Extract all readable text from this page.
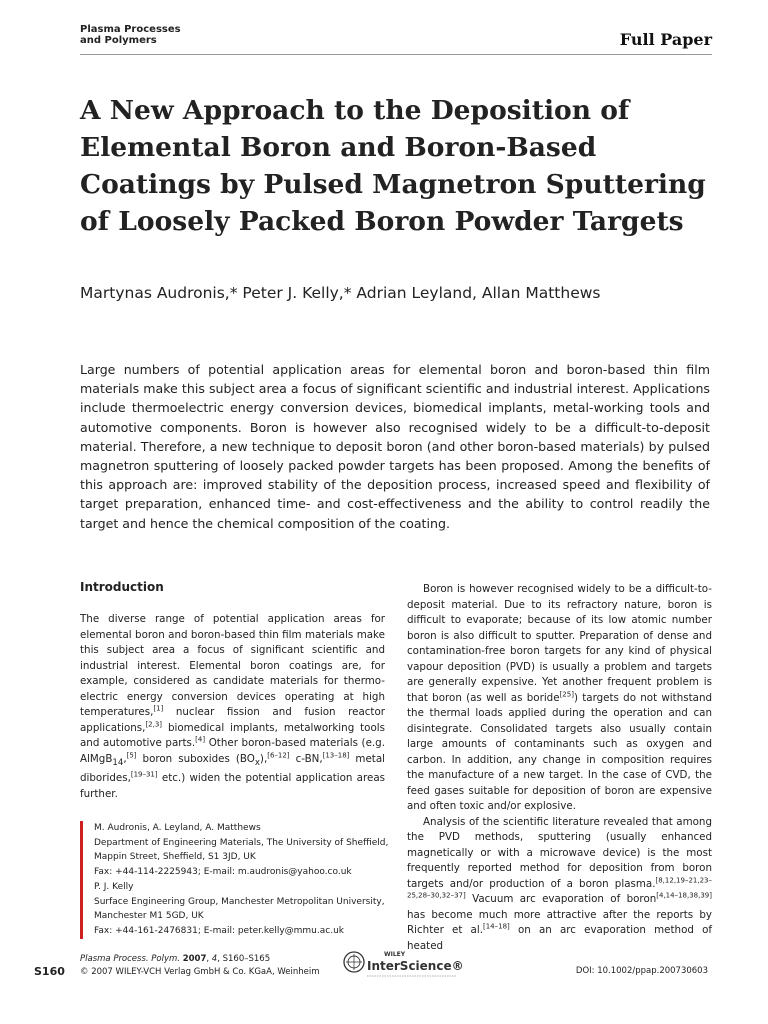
Plasma Processes
and Polymers	Full Paper
A New Approach to the Deposition of Elemental Boron and Boron-Based Coatings by Pulsed Magnetron Sputtering of Loosely Packed Boron Powder Targets
Martynas Audronis,* Peter J. Kelly,* Adrian Leyland, Allan Matthews

Large numbers of potential application areas for elemental boron and boron-based thin film materials make this subject area a focus of significant scientific and industrial interest. Applications include thermoelectric energy conversion devices, biomedical implants, metal-working tools and automotive components. Boron is however also recognised widely to be a difficult-to-deposit material. Therefore, a new technique to deposit boron (and other boron-based materials) by pulsed magnetron sputtering of loosely packed powder targets has been proposed. Among the benefits of this approach are: improved stability of the deposition process, increased speed and flexibility of target preparation, enhanced time- and cost-effectiveness and the ability to control readily the target and hence the chemical composition of the coating.

Introduction

The diverse range of potential application areas for elemental boron and boron-based thin film materials make this subject area a focus of significant scientific and industrial interest. Elemental boron coatings are, for example, considered as candidate materials for thermo-electric energy conversion devices operating at high temperatures,[1] nuclear fission and fusion reactor applications,[2,3] biomedical implants, metalworking tools and automotive parts.[4] Other boron-based materials (e.g. AlMgB$_{14}$,[5] boron suboxides $(BO_x),[6-12]$ c-BN,[13–18] metal diborides,[19–31] etc.) widen the potential application areas further.

M. Audronis, A. Leyland, A. Matthews
Department of Engineering Materials, The University of Sheffield,
Mappin Street, Sheffield, S1 3JD, UK
Fax: +44-114-2225943; E-mail: m.audronis@yahoo.co.uk
P. J. Kelly
Surface Engineering Group, Manchester Metropolitan University,
Manchester M1 5GD, UK
Fax: +44-161-2476831; E-mail: peter.kelly@mmu.ac.uk

Boron is however recognised widely to be a difficult-to-deposit material. Due to its refractory nature, boron is difficult to evaporate; because of its low atomic number boron is also difficult to sputter. Preparation of dense and contamination-free boron targets for any kind of physical vapour deposition (PVD) is usually a problem and targets are generally expensive. Yet another frequent problem is that boron (as well as boride[25]) targets do not withstand the thermal loads applied during the operation and can disintegrate. Consolidated targets also usually contain large amounts of contaminants such as oxygen and carbon. In addition, any change in composition requires the manufacture of a new target. In the case of CVD, the feed gases suitable for deposition of boron are expensive and often toxic and/or explosive.

Analysis of the scientific literature revealed that among the PVD methods, sputtering (usually enhanced magnetically or with a microwave device) is the most frequently reported method for deposition from boron targets and/or production of a boron plasma.[8,12,19–21,23–25,28–30,32–37] Vacuum arc evaporation of boron[4,14–18,38,39] has become much more attractive after the reports by Richter et al.[14–18] on an arc evaporation method of heated

S160
Plasma Process. Polym. 2007, 4, S160–S165
© 2007 WILEY-VCH Verlag GmbH & Co. KGaA, Weinheim
WILEY
InterScience®	DOI: 10.1002/ppap.200730603
